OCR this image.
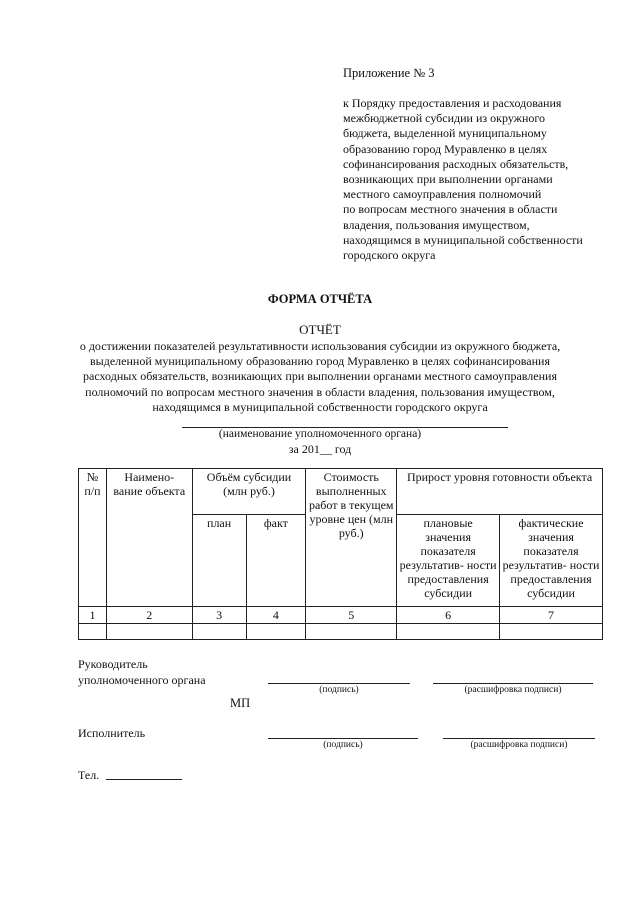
Приложение № 3
к Порядку предоставления и расходования
межбюджетной субсидии из окружного
бюджета, выделенной муниципальному
образованию город Муравленко в целях
софинансирования расходных обязательств,
возникающих при выполнении органами
местного самоуправления полномочий
по вопросам местного значения в области
владения, пользования имуществом,
находящимся в муниципальной собственности
городского округа
ФОРМА ОТЧЁТА
ОТЧЁТ
о достижении показателей результативности использования субсидии из окружного бюджета,
выделенной муниципальному образованию город Муравленко в целях софинансирования
расходных обязательств, возникающих при выполнении органами местного самоуправления
полномочий по вопросам местного значения в области владения, пользования имуществом,
находящимся в муниципальной собственности городского округа
(наименование уполномоченного органа)
за 201__ год
№ п/п	Наимено- вание объекта	Объём субсидии (млн руб.)		Стоимость выполненных работ в текущем уровне цен (млн руб.)	Прирост уровня готовности объекта	
		план	факт		плановые значения показателя результатив- ности предоставления субсидии	фактические значения показателя результатив- ности предоставления субсидии
1	2	3	4	5	6	7

Руководитель
уполномоченного органа
(подпись)	(расшифровка подписи)
МП
Исполнитель
(подпись)	(расшифровка подписи)
Тел.
